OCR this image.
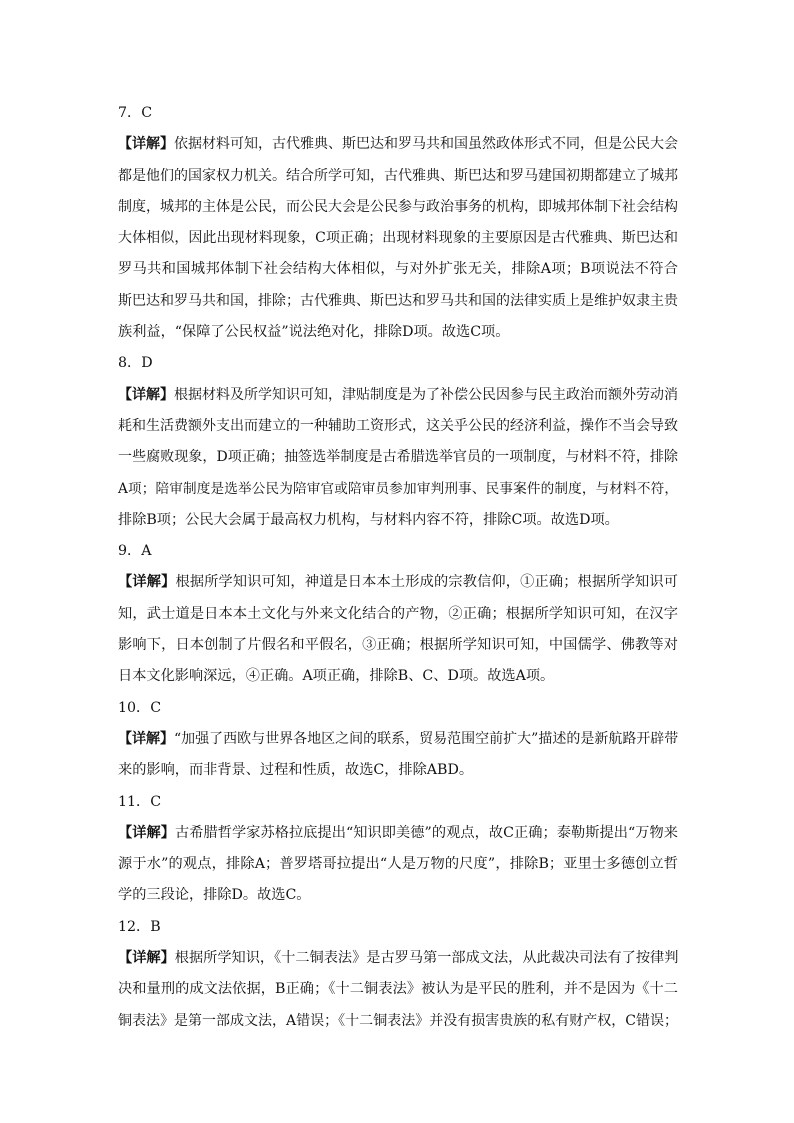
7．C
【详解】依据材料可知，古代雅典、斯巴达和罗马共和国虽然政体形式不同，但是公民大会
都是他们的国家权力机关。结合所学可知，古代雅典、斯巴达和罗马建国初期都建立了城邦
制度，城邦的主体是公民，而公民大会是公民参与政治事务的机构，即城邦体制下社会结构
大体相似，因此出现材料现象，C项正确；出现材料现象的主要原因是古代雅典、斯巴达和
罗马共和国城邦体制下社会结构大体相似，与对外扩张无关，排除A项；B项说法不符合
斯巴达和罗马共和国，排除；古代雅典、斯巴达和罗马共和国的法律实质上是维护奴隶主贵
族利益，“保障了公民权益”说法绝对化，排除D项。故选C项。
8．D
【详解】根据材料及所学知识可知，津贴制度是为了补偿公民因参与民主政治而额外劳动消
耗和生活费额外支出而建立的一种辅助工资形式，这关乎公民的经济利益，操作不当会导致
一些腐败现象，D项正确；抽签选举制度是古希腊选举官员的一项制度，与材料不符，排除
A项；陪审制度是选举公民为陪审官或陪审员参加审判刑事、民事案件的制度，与材料不符，
排除B项；公民大会属于最高权力机构，与材料内容不符，排除C项。故选D项。
9．A
【详解】根据所学知识可知，神道是日本本土形成的宗教信仰，①正确；根据所学知识可
知，武士道是日本本土文化与外来文化结合的产物，②正确；根据所学知识可知，在汉字
影响下，日本创制了片假名和平假名，③正确；根据所学知识可知，中国儒学、佛教等对
日本文化影响深远，④正确。A项正确，排除B、C、D项。故选A项。
10．C
【详解】“加强了西欧与世界各地区之间的联系，贸易范围空前扩大”描述的是新航路开辟带
来的影响，而非背景、过程和性质，故选C，排除ABD。
11．C
【详解】古希腊哲学家苏格拉底提出“知识即美德”的观点，故C正确；泰勒斯提出“万物来
源于水”的观点，排除A；普罗塔哥拉提出“人是万物的尺度”，排除B；亚里士多德创立哲
学的三段论，排除D。故选C。
12．B
【详解】根据所学知识，《十二铜表法》是古罗马第一部成文法，从此裁决司法有了按律判
决和量刑的成文法依据，B正确；《十二铜表法》被认为是平民的胜利，并不是因为《十二
铜表法》是第一部成文法，A错误；《十二铜表法》并没有损害贵族的私有财产权，C错误；
